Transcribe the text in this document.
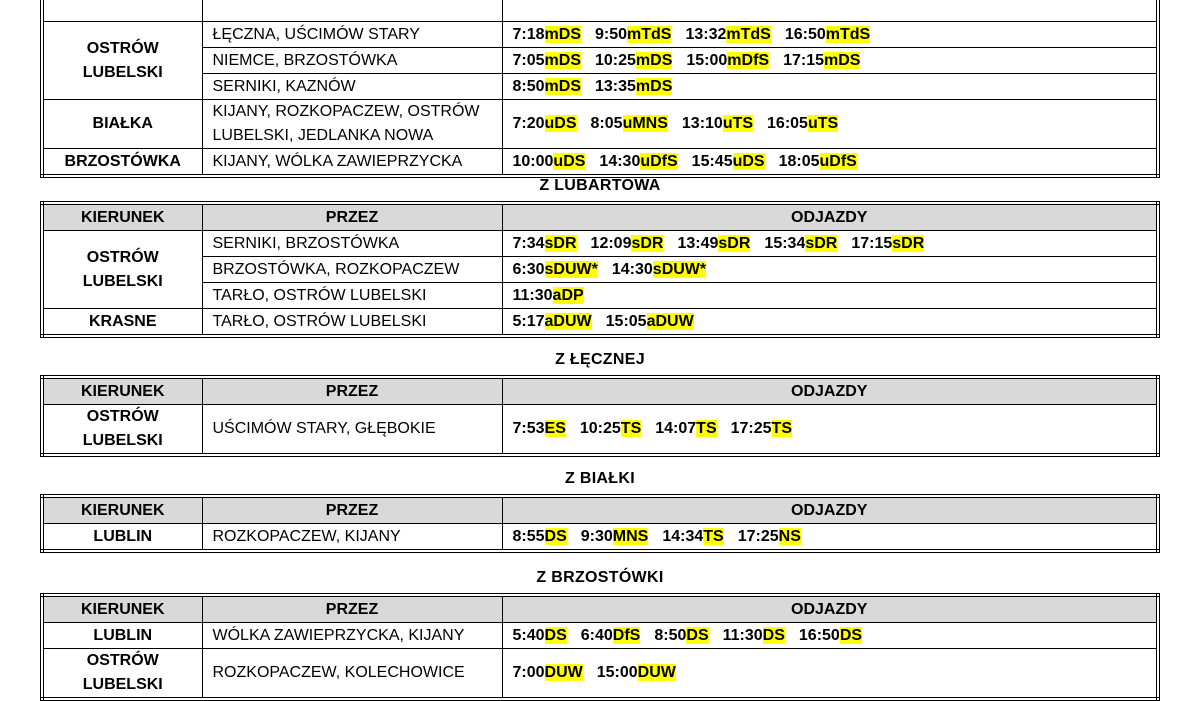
OSTRÓW LUBELSKI	ŁĘCZNA, UŚCIMÓW STARY	7:18mDS 9:50mTdS 13:32mTdS 16:50mTdS
	NIEMCE, BRZOSTÓWKA	7:05mDS 10:25mDS 15:00mDfS 17:15mDS
	SERNIKI, KAZNÓW	8:50mDS 13:35mDS
BIAŁKA	KIJANY, ROZKOPACZEW, OSTRÓW LUBELSKI, JEDLANKA NOWA	7:20uDS 8:05uMNS 13:10uTS 16:05uTS
BRZOSTÓWKA	KIJANY, WÓLKA ZAWIEPRZYCKA	10:00uDS 14:30uDfS 15:45uDS 18:05uDfS
Z LUBARTOWA
KIERUNEK	PRZEZ	ODJAZDY
OSTRÓW LUBELSKI	SERNIKI, BRZOSTÓWKA	7:34sDR 12:09sDR 13:49sDR 15:34sDR 17:15sDR
	BRZOSTÓWKA, ROZKOPACZEW	6:30sDUW* 14:30sDUW*
	TARŁO, OSTRÓW LUBELSKI	11:30aDP
KRASNE	TARŁO, OSTRÓW LUBELSKI	5:17aDUW 15:05aDUW
Z ŁĘCZNEJ
KIERUNEK	PRZEZ	ODJAZDY
OSTRÓW LUBELSKI	UŚCIMÓW STARY, GŁĘBOKIE	7:53ES 10:25TS 14:07TS 17:25TS
Z BIAŁKI
KIERUNEK	PRZEZ	ODJAZDY
LUBLIN	ROZKOPACZEW, KIJANY	8:55DS 9:30MNS 14:34TS 17:25NS
Z BRZOSTÓWKI
KIERUNEK	PRZEZ	ODJAZDY
LUBLIN	WÓLKA ZAWIEPRZYCKA, KIJANY	5:40DS 6:40DfS 8:50DS 11:30DS 16:50DS
OSTRÓW LUBELSKI	ROZKOPACZEW, KOLECHOWICE	7:00DUW 15:00DUW
